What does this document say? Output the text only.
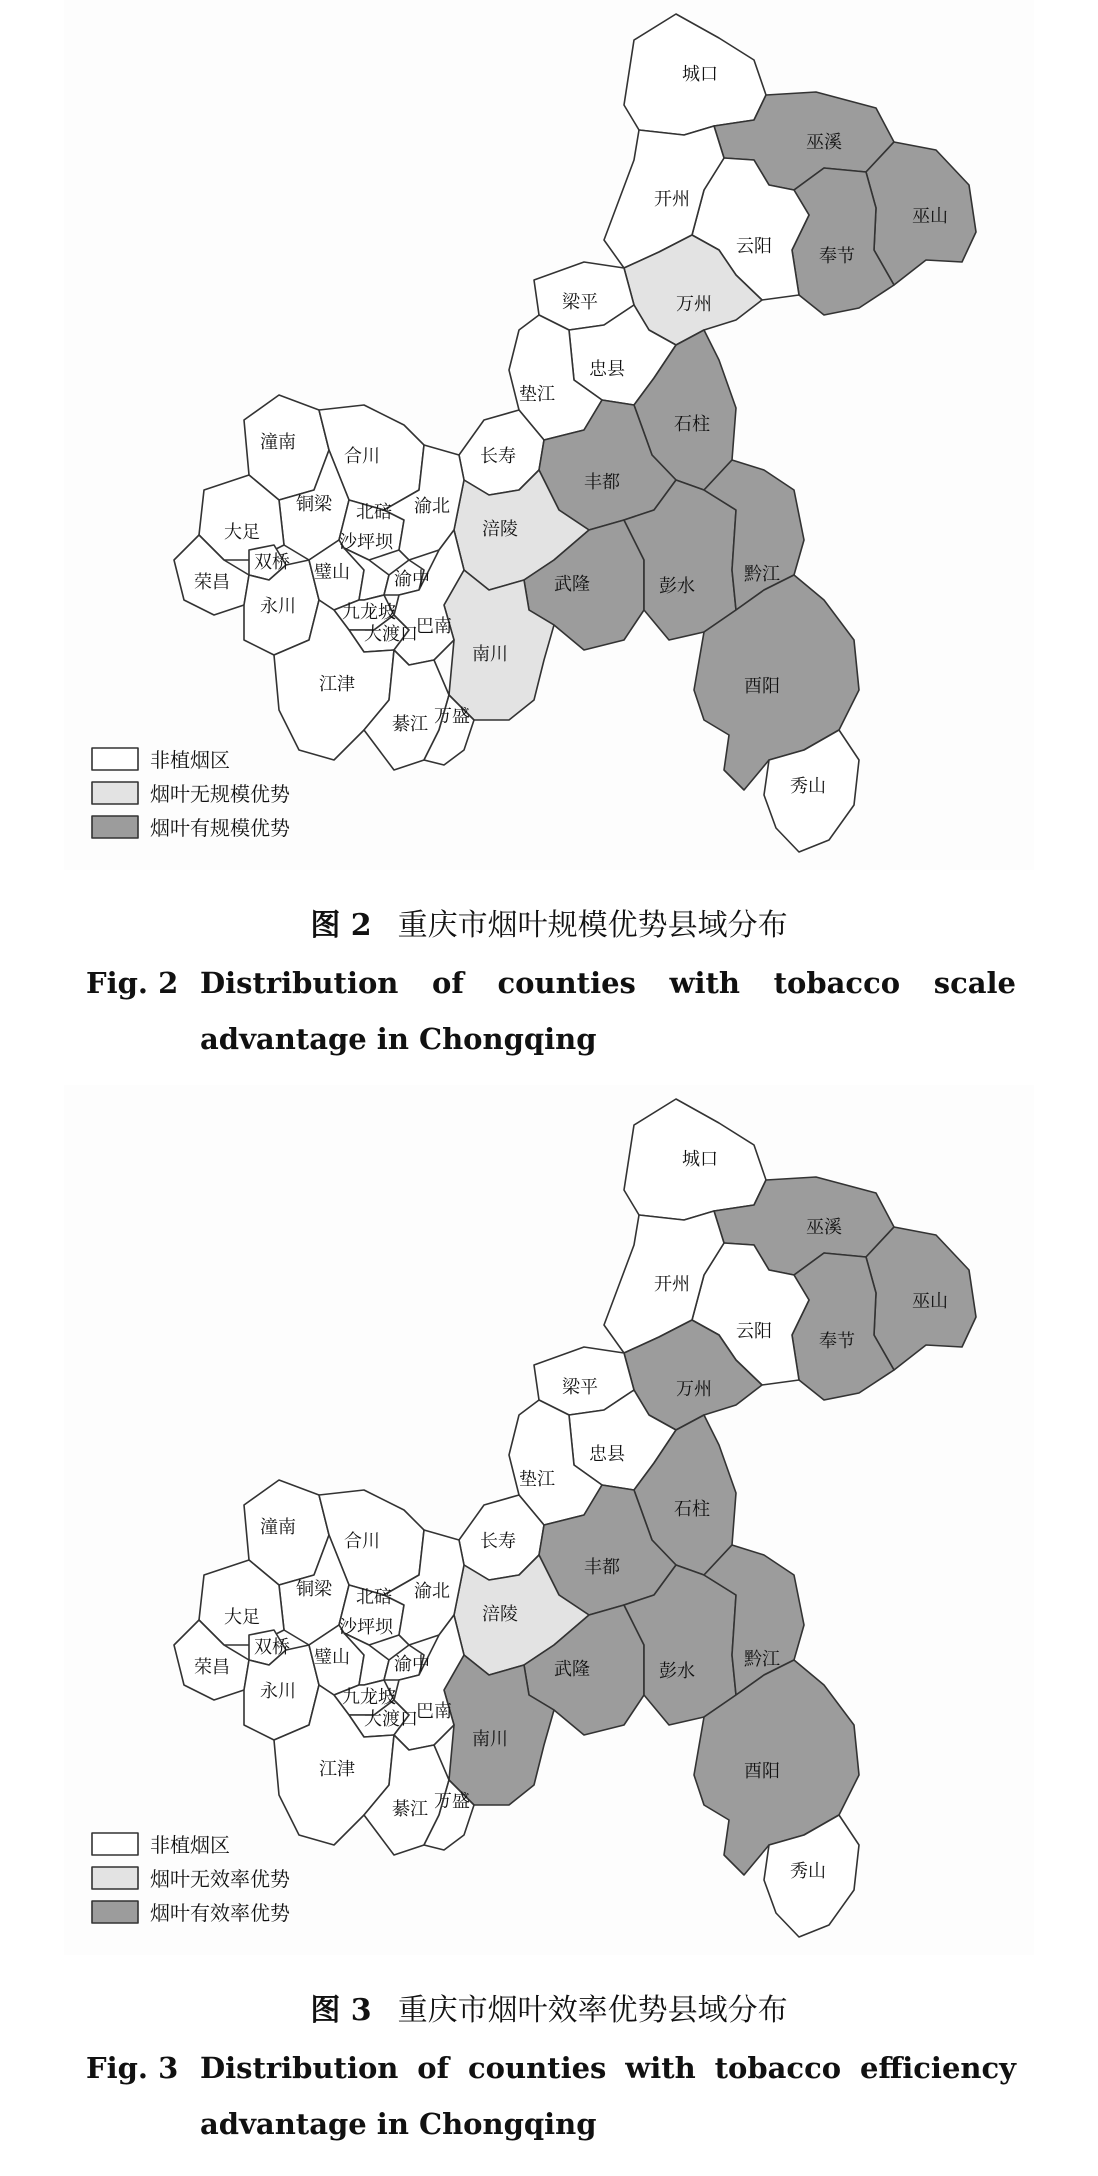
城口
巫溪
巫山
开州
云阳	奉节
梁平	万州
忠县
垫江
石柱
长寿
丰都
涪陵
武隆	彭水
黔江
南川
酉阳
秀山
潼南
合川
铜梁 北碚 渝北
大足
双桥
荣昌
永川
璧山
沙坪坝
渝中
九龙坡
大渡口
巴南
江津
綦江 万盛
非植烟区
烟叶无规模优势
烟叶有规模优势
图 2 重庆市烟叶规模优势县域分布
Fig. 2 Distribution of counties with tobacco scale advantage in Chongqing
城口
巫溪
巫山
开州
云阳	奉节
梁平	万州
忠县
垫江
石柱
长寿
丰都
涪陵
武隆	彭水
黔江
南川
酉阳
秀山
潼南
合川
铜梁 北碚 渝北
大足
双桥
荣昌
永川
璧山
沙坪坝
渝中
九龙坡
大渡口
巴南
江津
綦江 万盛
非植烟区
烟叶无效率优势
烟叶有效率优势
图 3 重庆市烟叶效率优势县域分布
Fig. 3 Distribution of counties with tobacco efficiency advantage in Chongqing
